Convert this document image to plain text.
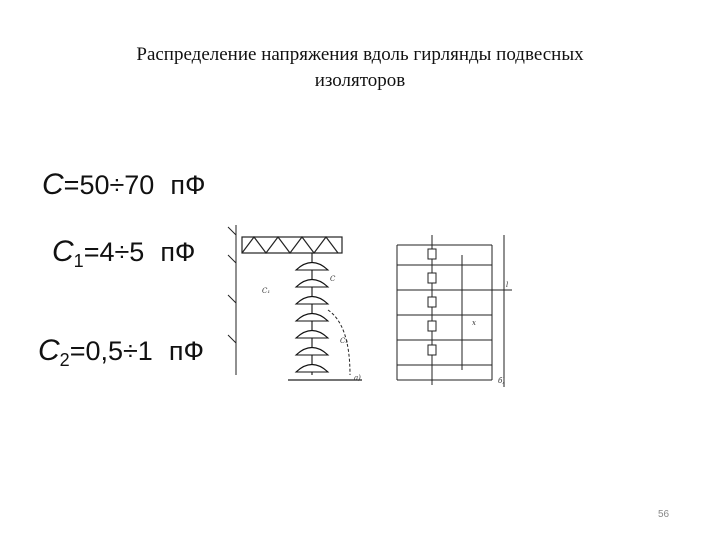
Распределение напряжения вдоль гирлянды подвесных
изоляторов
C=50÷70 пФ
$C_1=4\div 5$ пФ
$C_2=0,5\div 1$ пФ
C₁
C
C₂
а)	б)
x
l
56
